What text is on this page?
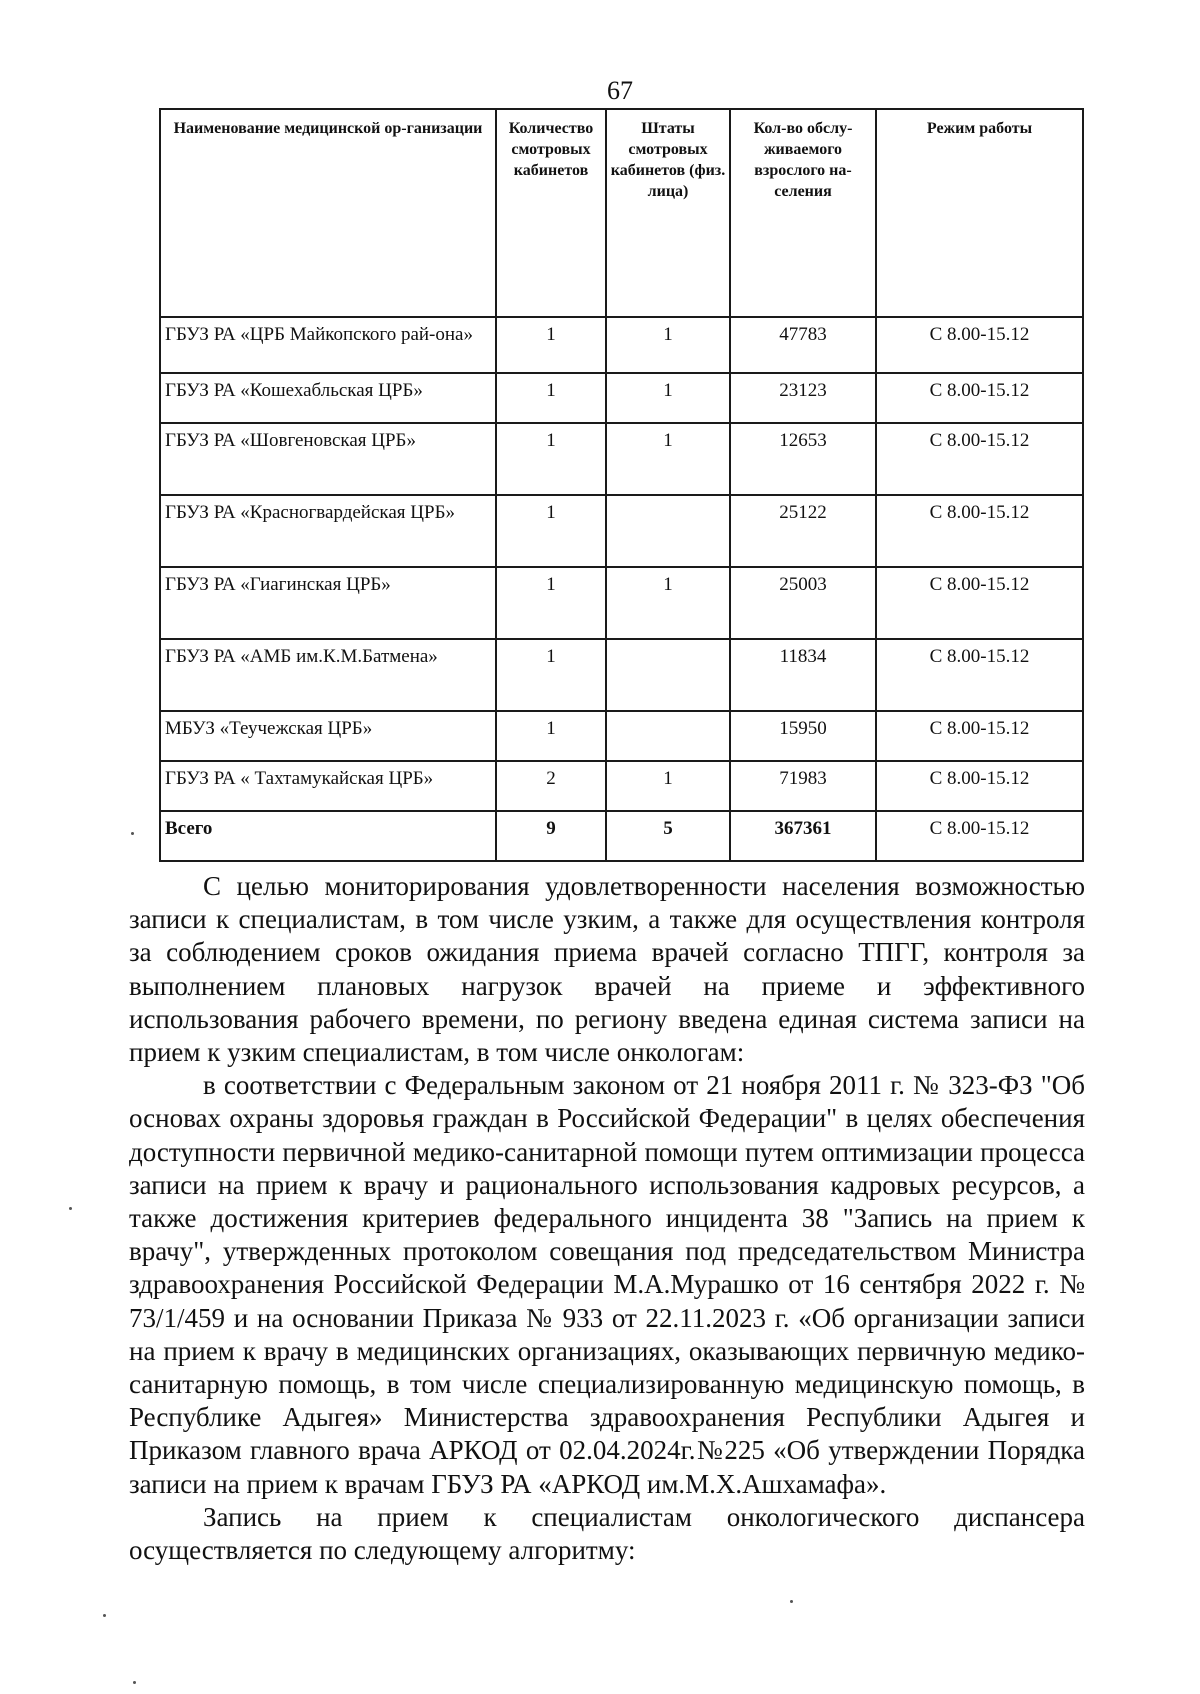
67
Наименование медицинской ор-ганизации	Количество смотровых кабинетов	Штаты смотровых кабинетов (физ. лица)	Кол-во обслу-живаемого взрослого на-селения	Режим работы
ГБУЗ РА «ЦРБ Майкопского рай-она»	1	1	47783	С 8.00-15.12
ГБУЗ РА «Кошехабльская ЦРБ»	1	1	23123	С 8.00-15.12
ГБУЗ РА «Шовгеновская ЦРБ»	1	1	12653	С 8.00-15.12
ГБУЗ РА «Красногвардейская ЦРБ»	1		25122	С 8.00-15.12
ГБУЗ РА «Гиагинская ЦРБ»	1	1	25003	С 8.00-15.12
ГБУЗ РА «АМБ им.К.М.Батмена»	1		11834	С 8.00-15.12
МБУЗ «Теучежская ЦРБ»	1		15950	С 8.00-15.12
ГБУЗ РА « Тахтамукайская ЦРБ»	2	1	71983	С 8.00-15.12
Всего	9	5	367361	С 8.00-15.12

С целью мониторирования удовлетворенности населения возможностью записи к специалистам, в том числе узким, а также для осуществления контроля за соблюдением сроков ожидания приема врачей согласно ТПГГ, контроля за выполнением плановых нагрузок врачей на приеме и эффективного использования рабочего времени, по региону введена единая система записи на прием к узким специалистам, в том числе онкологам:

в соответствии с Федеральным законом от 21 ноября 2011 г. № 323-ФЗ "Об основах охраны здоровья граждан в Российской Федерации" в целях обеспечения доступности первичной медико-санитарной помощи путем оптимизации процесса записи на прием к врачу и рационального использования кадровых ресурсов, а также достижения критериев федерального инцидента 38 "Запись на прием к врачу", утвержденных протоколом совещания под председательством Министра здравоохранения Российской Федерации М.А.Мурашко от 16 сентября 2022 г. № 73/1/459 и на основании Приказа № 933 от 22.11.2023 г. «Об организации записи на прием к врачу в медицинских организациях, оказывающих первичную медико-санитарную помощь, в том числе специализированную медицинскую помощь, в Республике Адыгея» Министерства здравоохранения Республики Адыгея и Приказом главного врача АРКОД от 02.04.2024г.№225 «Об утверждении Порядка записи на прием к врачам ГБУЗ РА «АРКОД им.М.Х.Ашхамафа».

Запись на прием к специалистам онкологического диспансера осуществляется по следующему алгоритму:
